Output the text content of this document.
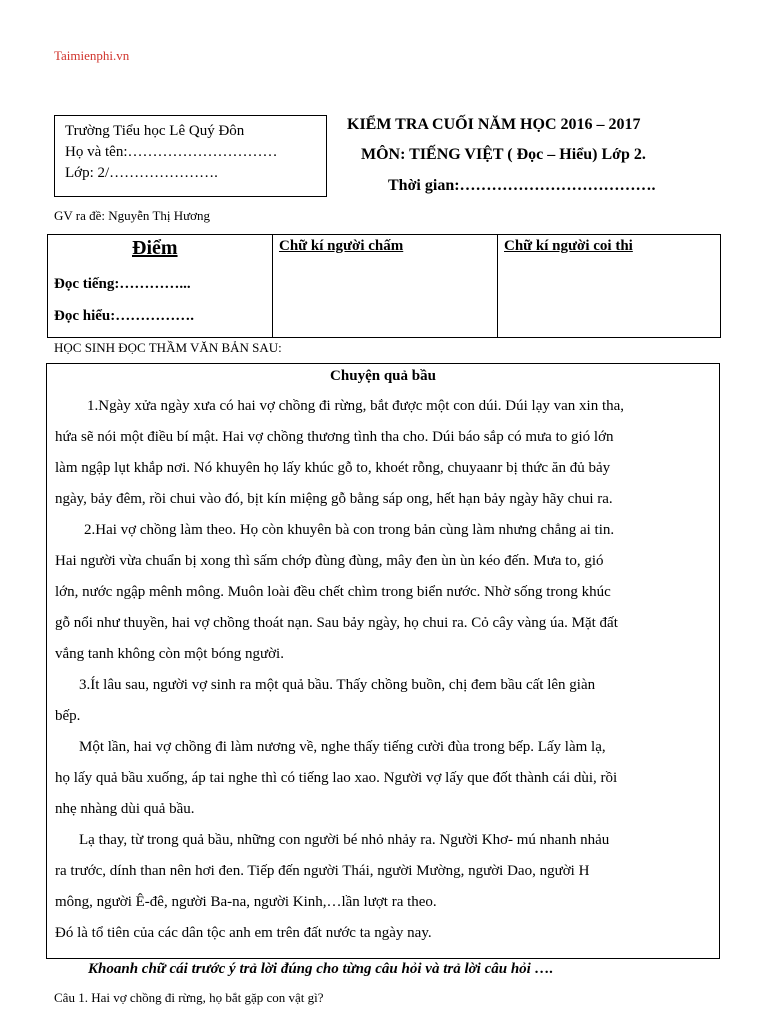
Taimienphi.vn
Trường Tiểu học Lê Quý Đôn
Họ và tên:…………………………
Lớp: 2/………………….
KIỂM TRA CUỐI NĂM HỌC 2016 – 2017
MÔN: TIẾNG VIỆT ( Đọc – Hiểu) Lớp 2.
Thời gian:……………………………….
GV ra đề: Nguyễn Thị Hương
Điểm
Đọc tiếng:…………...
Đọc hiểu:…………….
Chữ kí người chấm	Chữ kí người coi thi
HỌC SINH ĐỌC THẦM VĂN BẢN SAU:
Chuyện quả bầu
1.Ngày xửa ngày xưa có hai vợ chồng đi rừng, bắt được một con dúi. Dúi lạy van xin tha,
hứa sẽ nói một điều bí mật. Hai vợ chồng thương tình tha cho. Dúi báo sắp có mưa to gió lớn
làm ngập lụt khắp nơi. Nó khuyên họ lấy khúc gỗ to, khoét rỗng, chuyaanr bị thức ăn đủ bảy
ngày, bảy đêm, rồi chui vào đó, bịt kín miệng gỗ bằng sáp ong, hết hạn bảy ngày hãy chui ra.
2.Hai vợ chồng làm theo. Họ còn khuyên bà con trong bản cùng làm nhưng chẳng ai tin.
Hai người vừa chuẩn bị xong thì sấm chớp đùng đùng, mây đen ùn ùn kéo đến. Mưa to, gió
lớn, nước ngập mênh mông. Muôn loài đều chết chìm trong biển nước. Nhờ sống trong khúc
gỗ nổi như thuyền, hai vợ chồng thoát nạn. Sau bảy ngày, họ chui ra. Cỏ cây vàng úa. Mặt đất
vắng tanh không còn một bóng người.
3.Ít lâu sau, người vợ sinh ra một quả bầu. Thấy chồng buồn, chị đem bầu cất lên giàn
bếp.
Một lần, hai vợ chồng đi làm nương về, nghe thấy tiếng cười đùa trong bếp. Lấy làm lạ,
họ lấy quả bầu xuống, áp tai nghe thì có tiếng lao xao. Người vợ lấy que đốt thành cái dùi, rồi
nhẹ nhàng dùi quả bầu.
Lạ thay, từ trong quả bầu, những con người bé nhỏ nhảy ra. Người Khơ- mú nhanh nhảu
ra trước, dính than nên hơi đen. Tiếp đến người Thái, người Mường, người Dao, người H
mông, người Ê-đê, người Ba-na, người Kinh,…lần lượt ra theo.
Đó là tổ tiên của các dân tộc anh em trên đất nước ta ngày nay.
Khoanh chữ cái trước ý trả lời đúng cho từng câu hỏi và trả lời câu hỏi ….
Câu 1. Hai vợ chồng đi rừng, họ bắt gặp con vật gì?
